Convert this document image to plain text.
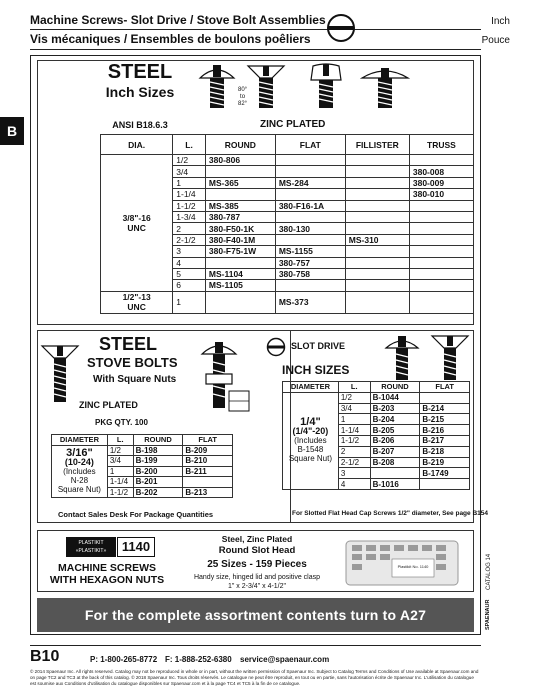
Machine Screws- Slot Drive / Stove Bolt Assemblies
Vis mécaniques / Ensembles de boulons poêliers
Inch
Pouce
B
STEEL
Inch Sizes
ANSI B18.6.3
80°
to
82°
ZINC PLATED
DIA.	L.	ROUND	FLAT	FILLISTER	TRUSS
3/8"-16
UNC	1/2	380-806			
	3/4				380-008
	1	MS-365	MS-284		380-009
	1-1/4				380-010
	1-1/2	MS-385	380-F16-1A		
	1-3/4	380-787			
	2	380-F50-1K	380-130		
	2-1/2	380-F40-1M		MS-310	
	3	380-F75-1W	MS-1155		
	4		380-757		
	5	MS-1104	380-758		
	6	MS-1105			
1/2"-13
UNC	1		MS-373		
STEEL
STOVE BOLTS
With Square Nuts
ZINC PLATED
PKG QTY. 100
DIAMETER	L.	ROUND	FLAT
3/16"
(10-24)
(Includes
N-28
Square Nut)	1/2	B-198	B-209
	3/4	B-199	B-210
	1	B-200	B-211
	1-1/4	B-201	
	1-1/2	B-202	B-213
Contact Sales Desk For Package Quantities
SLOT DRIVE
INCH SIZES
DIAMETER	L.	ROUND	FLAT
1/4"
(1/4"-20)
(Includes
B-1548
Square Nut)	1/2	B-1044	
	3/4	B-203	B-214
	1	B-204	B-215
	1-1/4	B-205	B-216
	1-1/2	B-206	B-217
	2	B-207	B-218
	2-1/2	B-208	B-219
	3		B-1749
	4	B-1016	
For Slotted Flat Head Cap Screws 1/2" diameter, See page B154
PLASTIKIT
«PLASTIKIT»	1140
MACHINE SCREWS WITH HEXAGON NUTS
Steel, Zinc Plated
Round Slot Head
25 Sizes - 159 Pieces
Handy size, hinged lid and positive clasp
1" x 2-3/4" x 4-1/2"
Plastikit No. 1140	CATALOG 14
For the complete assortment contents turn to A27	SPAENAUR
B10	P: 1-800-265-8772 F: 1-888-252-6380 service@spaenaur.com
© 2014 Spaenaur Inc. All rights reserved. Catalog may not be reproduced in whole or in part, without the written permission of Spaenaur Inc. Subject to Catalog Terms and Conditions of Use available at Spaenaur.com and on page TC2 and TC3 at the back of this catalog. © 2018 Spaenaur Inc. Tous droits réservés. Le catalogue ne peut être reproduit, en tout ou en partie, sans l'autorisation écrite de Spaenaur Inc. L'utilisation du catalogue est soumise aux Conditions d'utilisation du catalogue disponibles sur Spaenaur.com et à la page TC4 et TC5 à la fin de ce catalogue.
